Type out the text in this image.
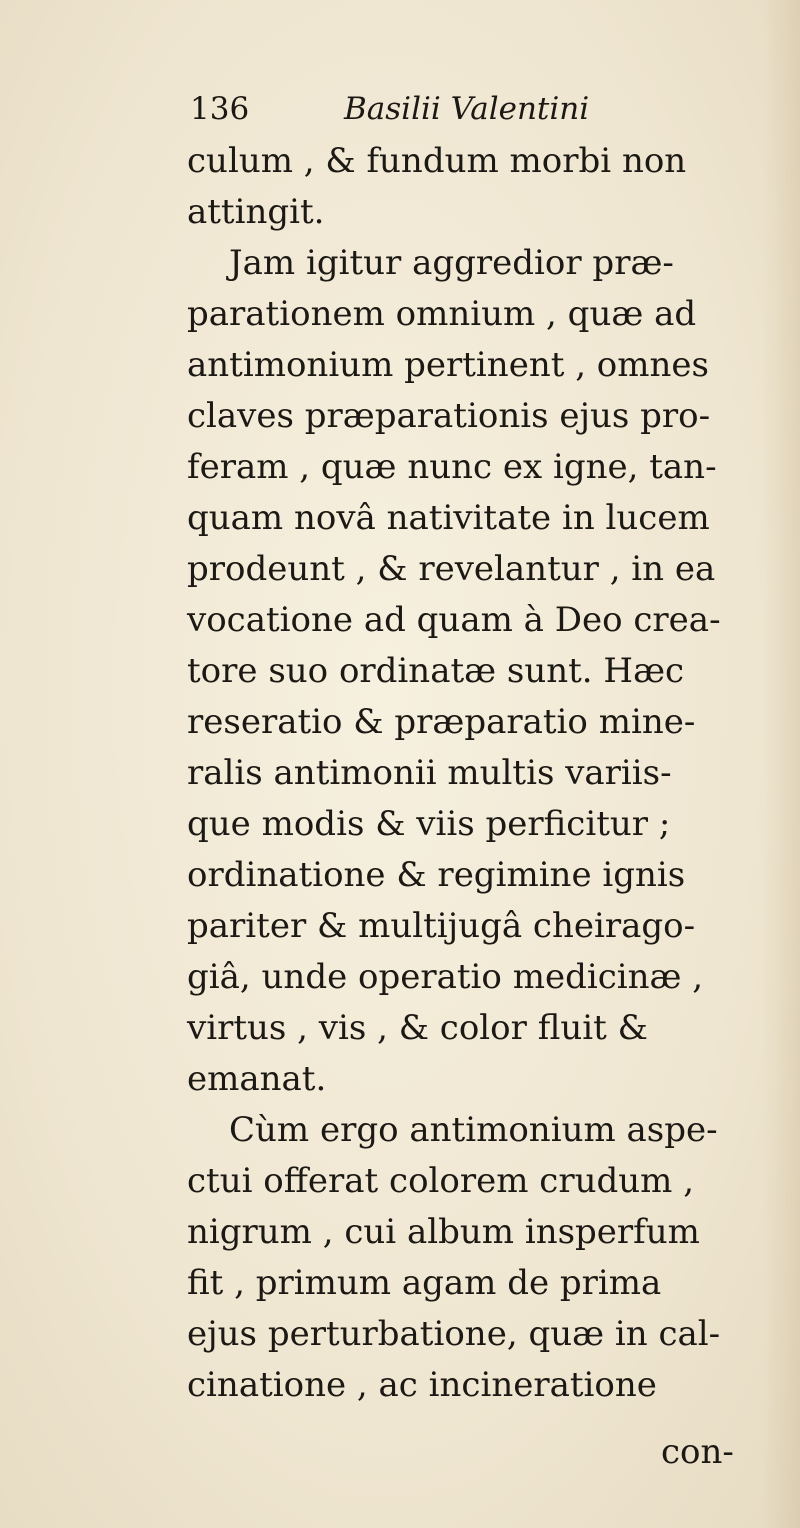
136	Basilii Valentini
culum , & fundum morbi non
attingit.
Jam igitur aggredior præ-
parationem omnium , quæ ad
antimonium pertinent , omnes
claves præparationis ejus pro-
feram , quæ nunc ex igne, tan-
quam novâ nativitate in lucem
prodeunt , & revelantur , in ea
vocatione ad quam à Deo crea-
tore suo ordinatæ sunt. Hæc
reseratio & præparatio mine-
ralis antimonii multis variis-
que modis & viis perficitur ;
ordinatione & regimine ignis
pariter & multijugâ cheirago-
giâ, unde operatio medicinæ ,
virtus , vis , & color fluit &
emanat.
Cùm ergo antimonium aspe-
ctui offerat colorem crudum ,
nigrum , cui album insperfum
fit , primum agam de prima
ejus perturbatione, quæ in cal-
cinatione , ac incineratione
con-
